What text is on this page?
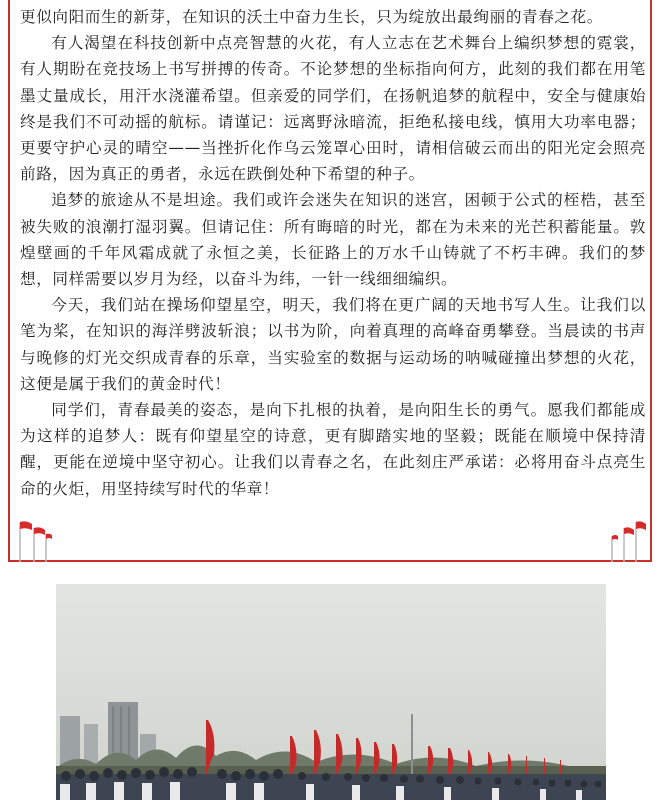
更似向阳而生的新芽，在知识的沃土中奋力生长，只为绽放出最绚丽的青春之花。

有人渴望在科技创新中点亮智慧的火花，有人立志在艺术舞台上编织梦想的霓裳，有人期盼在竞技场上书写拼搏的传奇。不论梦想的坐标指向何方，此刻的我们都在用笔墨丈量成长，用汗水浇灌希望。但亲爱的同学们，在扬帆追梦的航程中，安全与健康始终是我们不可动摇的航标。请谨记：远离野泳暗流，拒绝私接电线，慎用大功率电器；更要守护心灵的晴空——当挫折化作乌云笼罩心田时，请相信破云而出的阳光定会照亮前路，因为真正的勇者，永远在跌倒处种下希望的种子。

追梦的旅途从不是坦途。我们或许会迷失在知识的迷宫，困顿于公式的桎梏，甚至被失败的浪潮打湿羽翼。但请记住：所有晦暗的时光，都在为未来的光芒积蓄能量。敦煌壁画的千年风霜成就了永恒之美，长征路上的万水千山铸就了不朽丰碑。我们的梦想，同样需要以岁月为经，以奋斗为纬，一针一线细细编织。

今天，我们站在操场仰望星空，明天，我们将在更广阔的天地书写人生。让我们以笔为桨，在知识的海洋劈波斩浪；以书为阶，向着真理的高峰奋勇攀登。当晨读的书声与晚修的灯光交织成青春的乐章，当实验室的数据与运动场的呐喊碰撞出梦想的火花，这便是属于我们的黄金时代！

同学们，青春最美的姿态，是向下扎根的执着，是向阳生长的勇气。愿我们都能成为这样的追梦人：既有仰望星空的诗意，更有脚踏实地的坚毅；既能在顺境中保持清醒，更能在逆境中坚守初心。让我们以青春之名，在此刻庄严承诺：必将用奋斗点亮生命的火炬，用坚持续写时代的华章！
